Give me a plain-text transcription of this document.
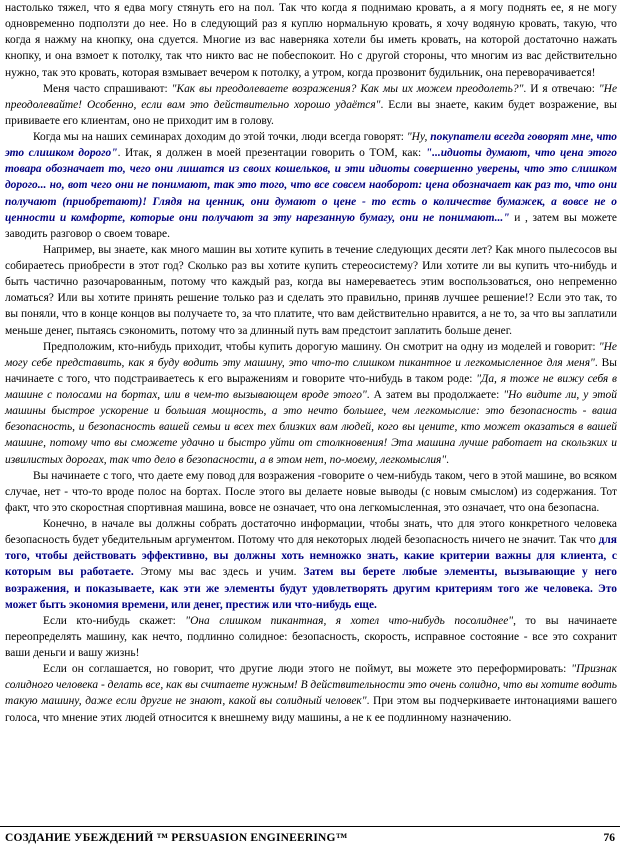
настолько тяжел, что я едва могу стянуть его на пол. Так что когда я поднимаю кровать, а я могу поднять ее, я не могу одновременно подползти до нее. Но в следующий раз я куплю нормальную кровать, я хочу водяную кровать, такую, что когда я нажму на кнопку, она сдуется. Многие из вас наверняка хотели бы иметь кровать, на которой достаточно нажать кнопку, и она взмоет к потолку, так что никто вас не побеспокоит. Но с другой стороны, что многим из вас действительно нужно, так это кровать, которая взмывает вечером к потолку, а утром, когда прозвонит будильник, она переворачивается!

Меня часто спрашивают: "Как вы преодолеваете возражения? Как мы их можем преодолеть?". И я отвечаю: "Не преодолевайте! Особенно, если вам это действительно хорошо удаётся". Если вы знаете, каким будет возражение, вы прививаете его клиентам, оно не приходит им в голову.

Когда мы на наших семинарах доходим до этой точки, люди всегда говорят: "Ну, покупатели всегда говорят мне, что это слишком дорого". Итак, я должен в моей презентации говорить о ТОМ, как: "...идиоты думают, что цена этого товара обозначает то, чего они лишатся из своих кошельков, и эти идиоты совершенно уверены, что это слишком дорого... но, вот чего они не понимают, так это того, что все совсем наоборот: цена обозначает как раз то, что они получают (приобретают)! Глядя на ценник, они думают о цене - то есть о количестве бумажек, а вовсе не о ценности и комфорте, которые они получают за эту нарезанную бумагу, они не понимают..." и , затем вы можете заводить разговор о своем товаре.

Например, вы знаете, как много машин вы хотите купить в течение следующих десяти лет? Как много пылесосов вы собираетесь приобрести в этот год? Сколько раз вы хотите купить стереосистему? Или хотите ли вы купить что-нибудь и быть частично разочарованным, потому что каждый раз, когда вы намереваетесь этим воспользоваться, оно непременно ломаться? Или вы хотите принять решение только раз и сделать это правильно, приняв лучшее решение!? Если это так, то вы поняли, что в конце концов вы получаете то, за что платите, что вам действительно нравится, а не то, за что вы заплатили меньше денег, пытаясь сэкономить, потому что за длинный путь вам предстоит заплатить больше денег.

Предположим, кто-нибудь приходит, чтобы купить дорогую машину. Он смотрит на одну из моделей и говорит: "Не могу себе представить, как я буду водить эту машину, это что-то слишком пикантное и легкомысленное для меня". Вы начинаете с того, что подстраиваетесь к его выражениям и говорите что-нибудь в таком роде: "Да, я тоже не вижу себя в машине с полосами на бортах, или в чем-то вызывающем вроде этого". А затем вы продолжаете: "Но видите ли, у этой машины быстрое ускорение и большая мощность, а это нечто большее, чем легкомыслие: это безопасность - ваша безопасность, и безопасность вашей семьи и всех тех близких вам людей, кого вы цените, кто может оказаться в вашей машине, потому что вы сможете удачно и быстро уйти от столкновения! Эта машина лучше работает на скользких и извилистых дорогах, так что дело в безопасности, а в этом нет, по-моему, легкомыслия".

Вы начинаете с того, что даете ему повод для возражения -говорите о чем-нибудь таком, чего в этой машине, во всяком случае, нет - что-то вроде полос на бортах. После этого вы делаете новые выводы (с новым смыслом) из содержания. Тот факт, что это скоростная спортивная машина, вовсе не означает, что она легкомысленная, это означает, что она безопасна.

Конечно, в начале вы должны собрать достаточно информации, чтобы знать, что для этого конкретного человека безопасность будет убедительным аргументом. Потому что для некоторых людей безопасность ничего не значит. Так что для того, чтобы действовать эффективно, вы должны хоть немножко знать, какие критерии важны для клиента, с которым вы работаете. Этому мы вас здесь и учим. Затем вы берете любые элементы, вызывающие у него возражения, и показываете, как эти же элементы будут удовлетворять другим критериям того же человека. Это может быть экономия времени, или денег, престиж или что-нибудь еще.

Если кто-нибудь скажет: "Она слишком пикантная, я хотел что-нибудь посолиднее", то вы начинаете переопределять машину, как нечто, подлинно солидное: безопасность, скорость, исправное состояние - все это сохранит ваши деньги и вашу жизнь!

Если он соглашается, но говорит, что другие люди этого не поймут, вы можете это переформировать: "Признак солидного человека - делать все, как вы считаете нужным! В действительности это очень солидно, что вы хотите водить такую машину, даже если другие не знают, какой вы солидный человек". При этом вы подчеркиваете интонациями вашего голоса, что мнение этих людей относится к внешнему виду машины, а не к ее подлинному назначению.

СОЗДАНИЕ УБЕЖДЕНИЙ ™ PERSUASION ENGINEERING™	76
